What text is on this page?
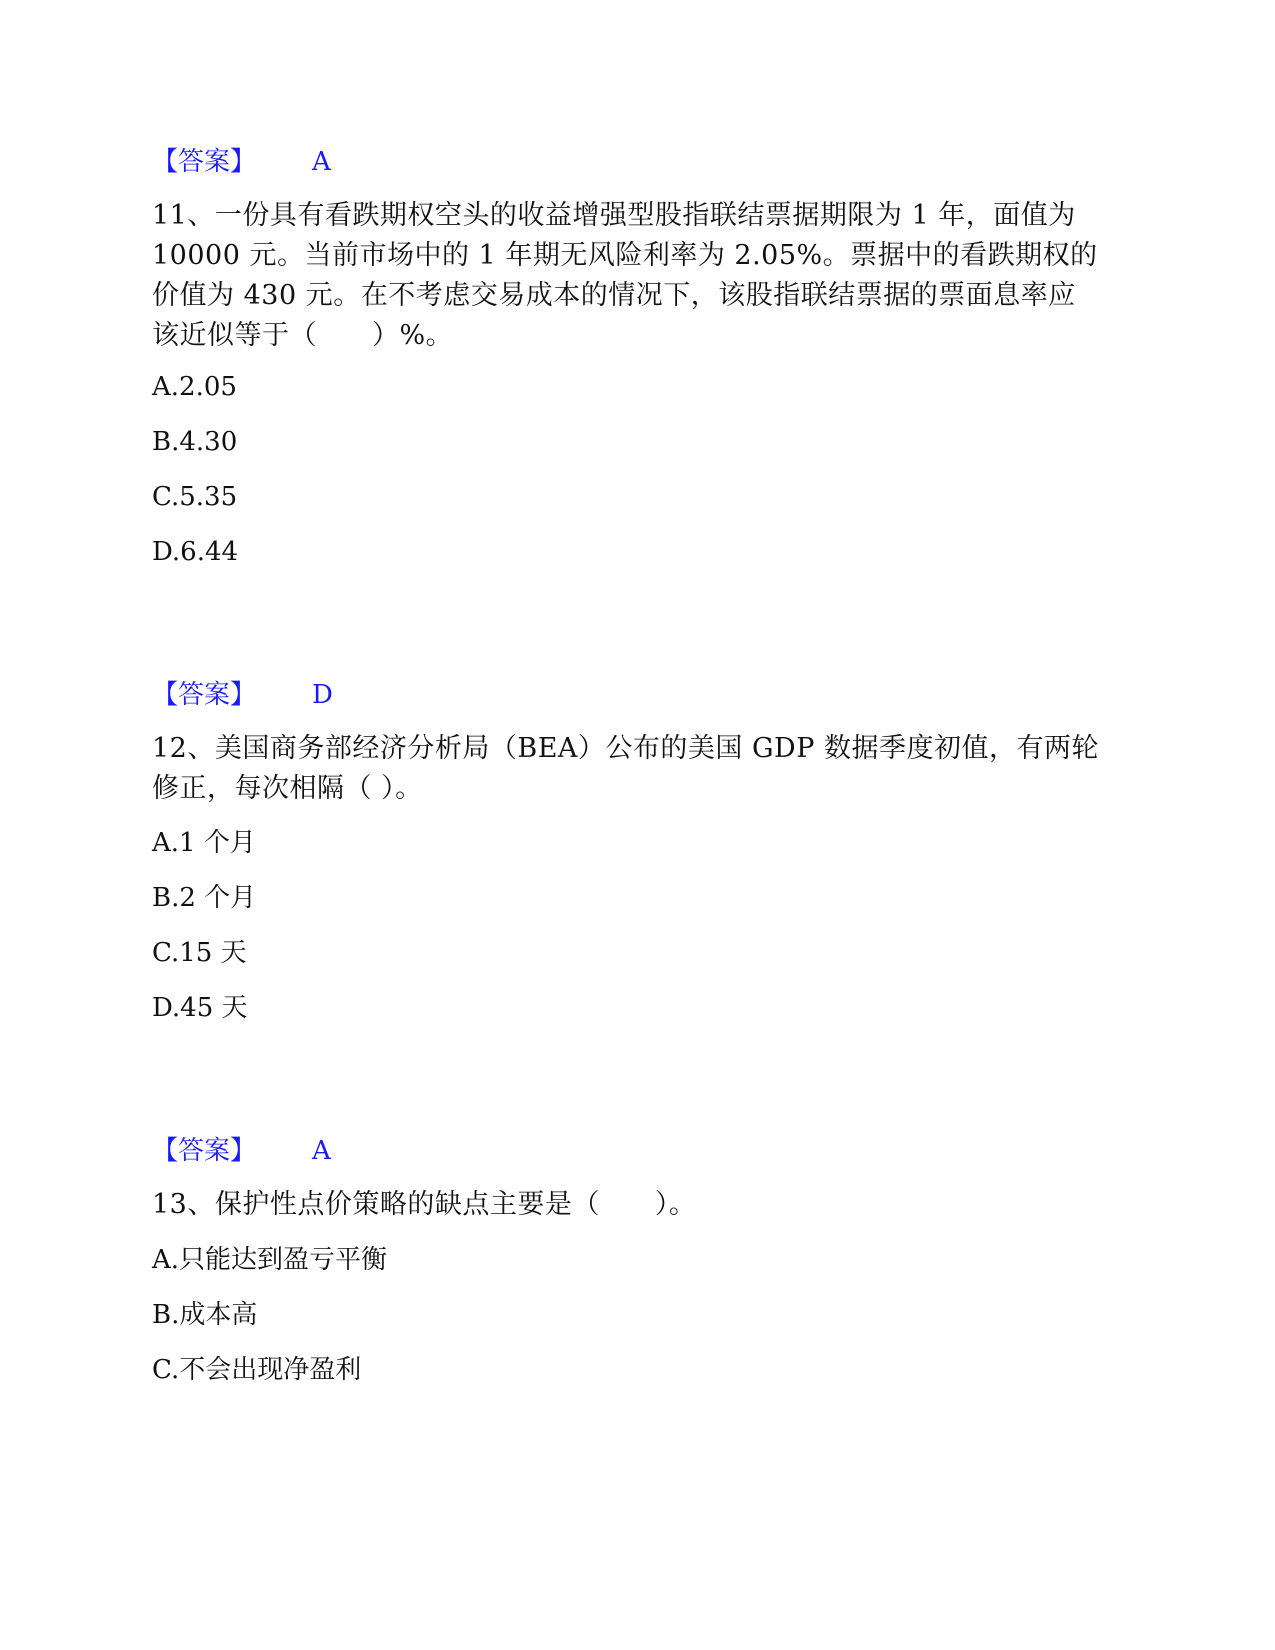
【答案】 A

11、一份具有看跌期权空头的收益增强型股指联结票据期限为 1 年，面值为

10000 元。当前市场中的 1 年期无风险利率为 2.05%。票据中的看跌期权的

价值为 430 元。在不考虑交易成本的情况下，该股指联结票据的票面息率应

该近似等于（　　）%。

A.2.05
B.4.30
C.5.35
D.6.44
【答案】 D

12、美国商务部经济分析局（BEA）公布的美国 GDP 数据季度初值，有两轮

修正，每次相隔（ ）。

A.1 个月
B.2 个月
C.15 天
D.45 天
【答案】 A

13、保护性点价策略的缺点主要是（　　）。

A.只能达到盈亏平衡
B.成本高
C.不会出现净盈利
